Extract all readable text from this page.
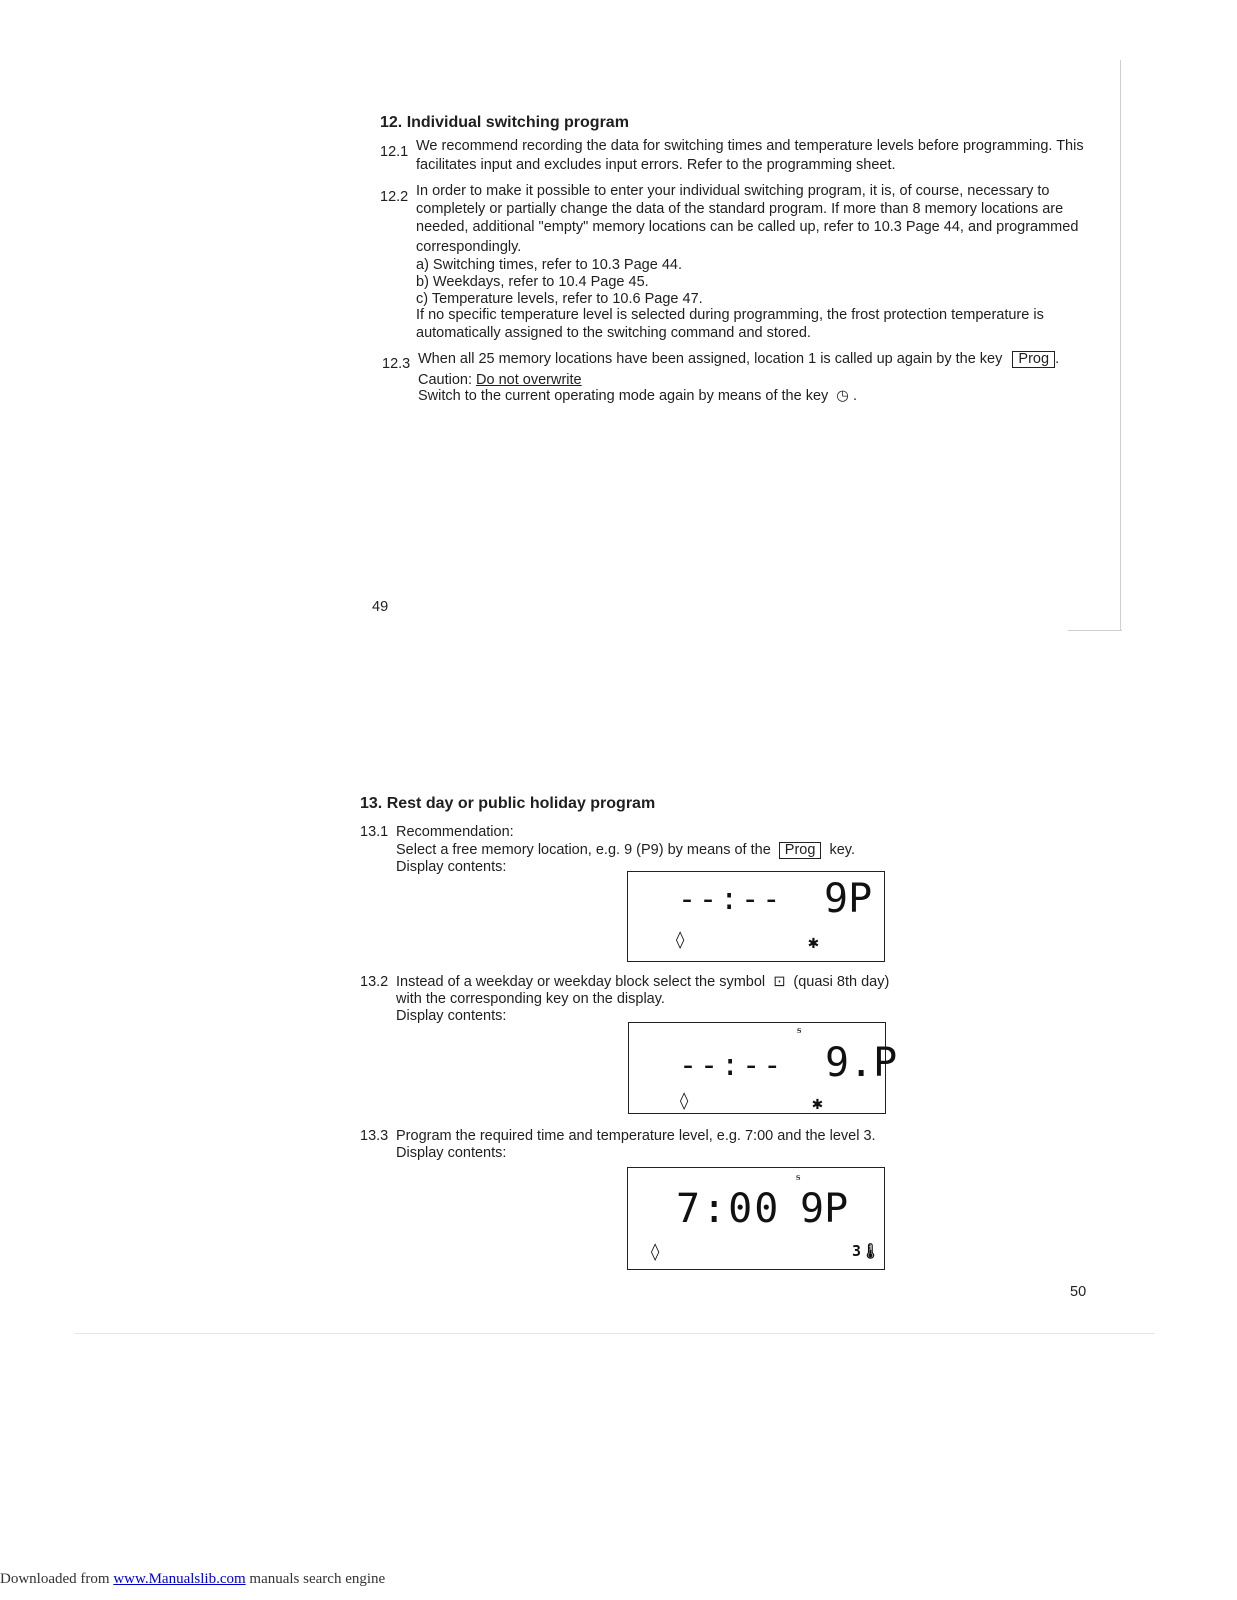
12. Individual switching program
12.1 We recommend recording the data for switching times and temperature levels before programming. This
facilitates input and excludes input errors. Refer to the programming sheet.
12.2 In order to make it possible to enter your individual switching program, it is, of course, necessary to
completely or partially change the data of the standard program. If more than 8 memory locations are
needed, additional "empty" memory locations can be called up, refer to 10.3 Page 44, and programmed
correspondingly.
a) Switching times, refer to 10.3 Page 44.
b) Weekdays, refer to 10.4 Page 45.
c) Temperature levels, refer to 10.6 Page 47.
If no specific temperature level is selected during programming, the frost protection temperature is
automatically assigned to the switching command and stored.
12.3 When all 25 memory locations have been assigned, location 1 is called up again by the key Prog .
Caution: Do not overwrite
Switch to the current operating mode again by means of the key ◷ .
49
13. Rest day or public holiday program
13.1 Recommendation:
Select a free memory location, e.g. 9 (P9) by means of the Prog key.
Display contents:
--:-- 9P
◊	✱
13.2 Instead of a weekday or weekday block select the symbol ⊡ (quasi 8th day)
with the corresponding key on the display.
Display contents:
ᵴ
--:-- 9.P
◊	✱
13.3 Program the required time and temperature level, e.g. 7:00 and the level 3.
Display contents:
ᵴ
7:00 9P
◊	3🌡
50
Downloaded from www.Manualslib.com manuals search engine
